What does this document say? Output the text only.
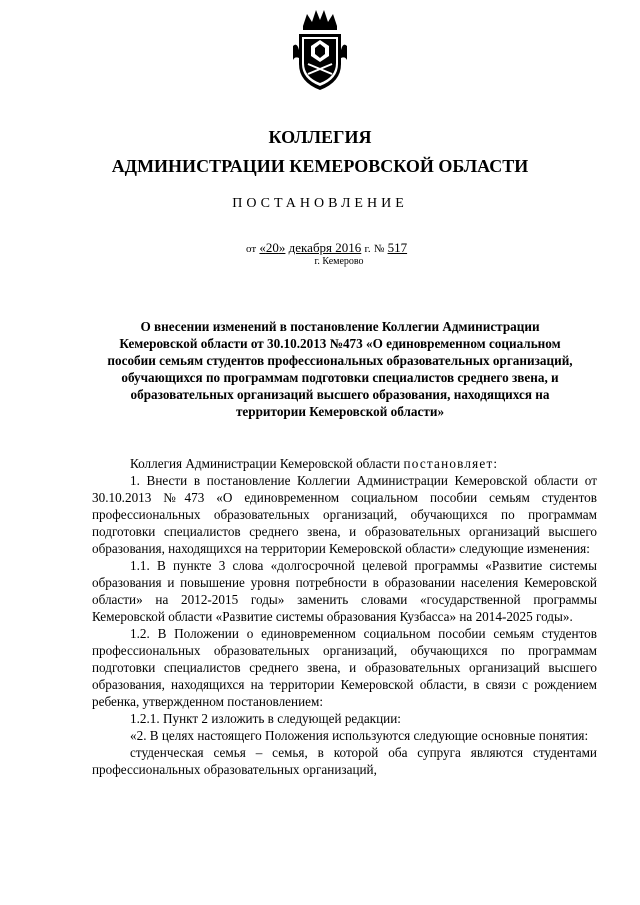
КОЛЛЕГИЯ
АДМИНИСТРАЦИИ КЕМЕРОВСКОЙ ОБЛАСТИ
ПОСТАНОВЛЕНИЕ
от «20» декабря 2016 г. № 517
г. Кемерово
О внесении изменений в постановление Коллегии Администрации Кемеровской области от 30.10.2013 №473 «О единовременном социальном пособии семьям студентов профессиональных образовательных организаций, обучающихся по программам подготовки специалистов среднего звена, и образовательных организаций высшего образования, находящихся на территории Кемеровской области»

Коллегия Администрации Кемеровской области постановляет:

1. Внести в постановление Коллегии Администрации Кемеровской области от 30.10.2013 №473 «О единовременном социальном пособии семьям студентов профессиональных образовательных организаций, обучающихся по программам подготовки специалистов среднего звена, и образовательных организаций высшего образования, находящихся на территории Кемеровской области» следующие изменения:

1.1. В пункте 3 слова «долгосрочной целевой программы «Развитие системы образования и повышение уровня потребности в образовании населения Кемеровской области» на 2012-2015 годы» заменить словами «государственной программы Кемеровской области «Развитие системы образования Кузбасса» на 2014-2025 годы».

1.2. В Положении о единовременном социальном пособии семьям студентов профессиональных образовательных организаций, обучающихся по программам подготовки специалистов среднего звена, и образовательных организаций высшего образования, находящихся на территории Кемеровской области, в связи с рождением ребенка, утвержденном постановлением:

1.2.1. Пункт 2 изложить в следующей редакции:

«2. В целях настоящего Положения используются следующие основные понятия:

студенческая семья – семья, в которой оба супруга являются студентами профессиональных образовательных организаций,
